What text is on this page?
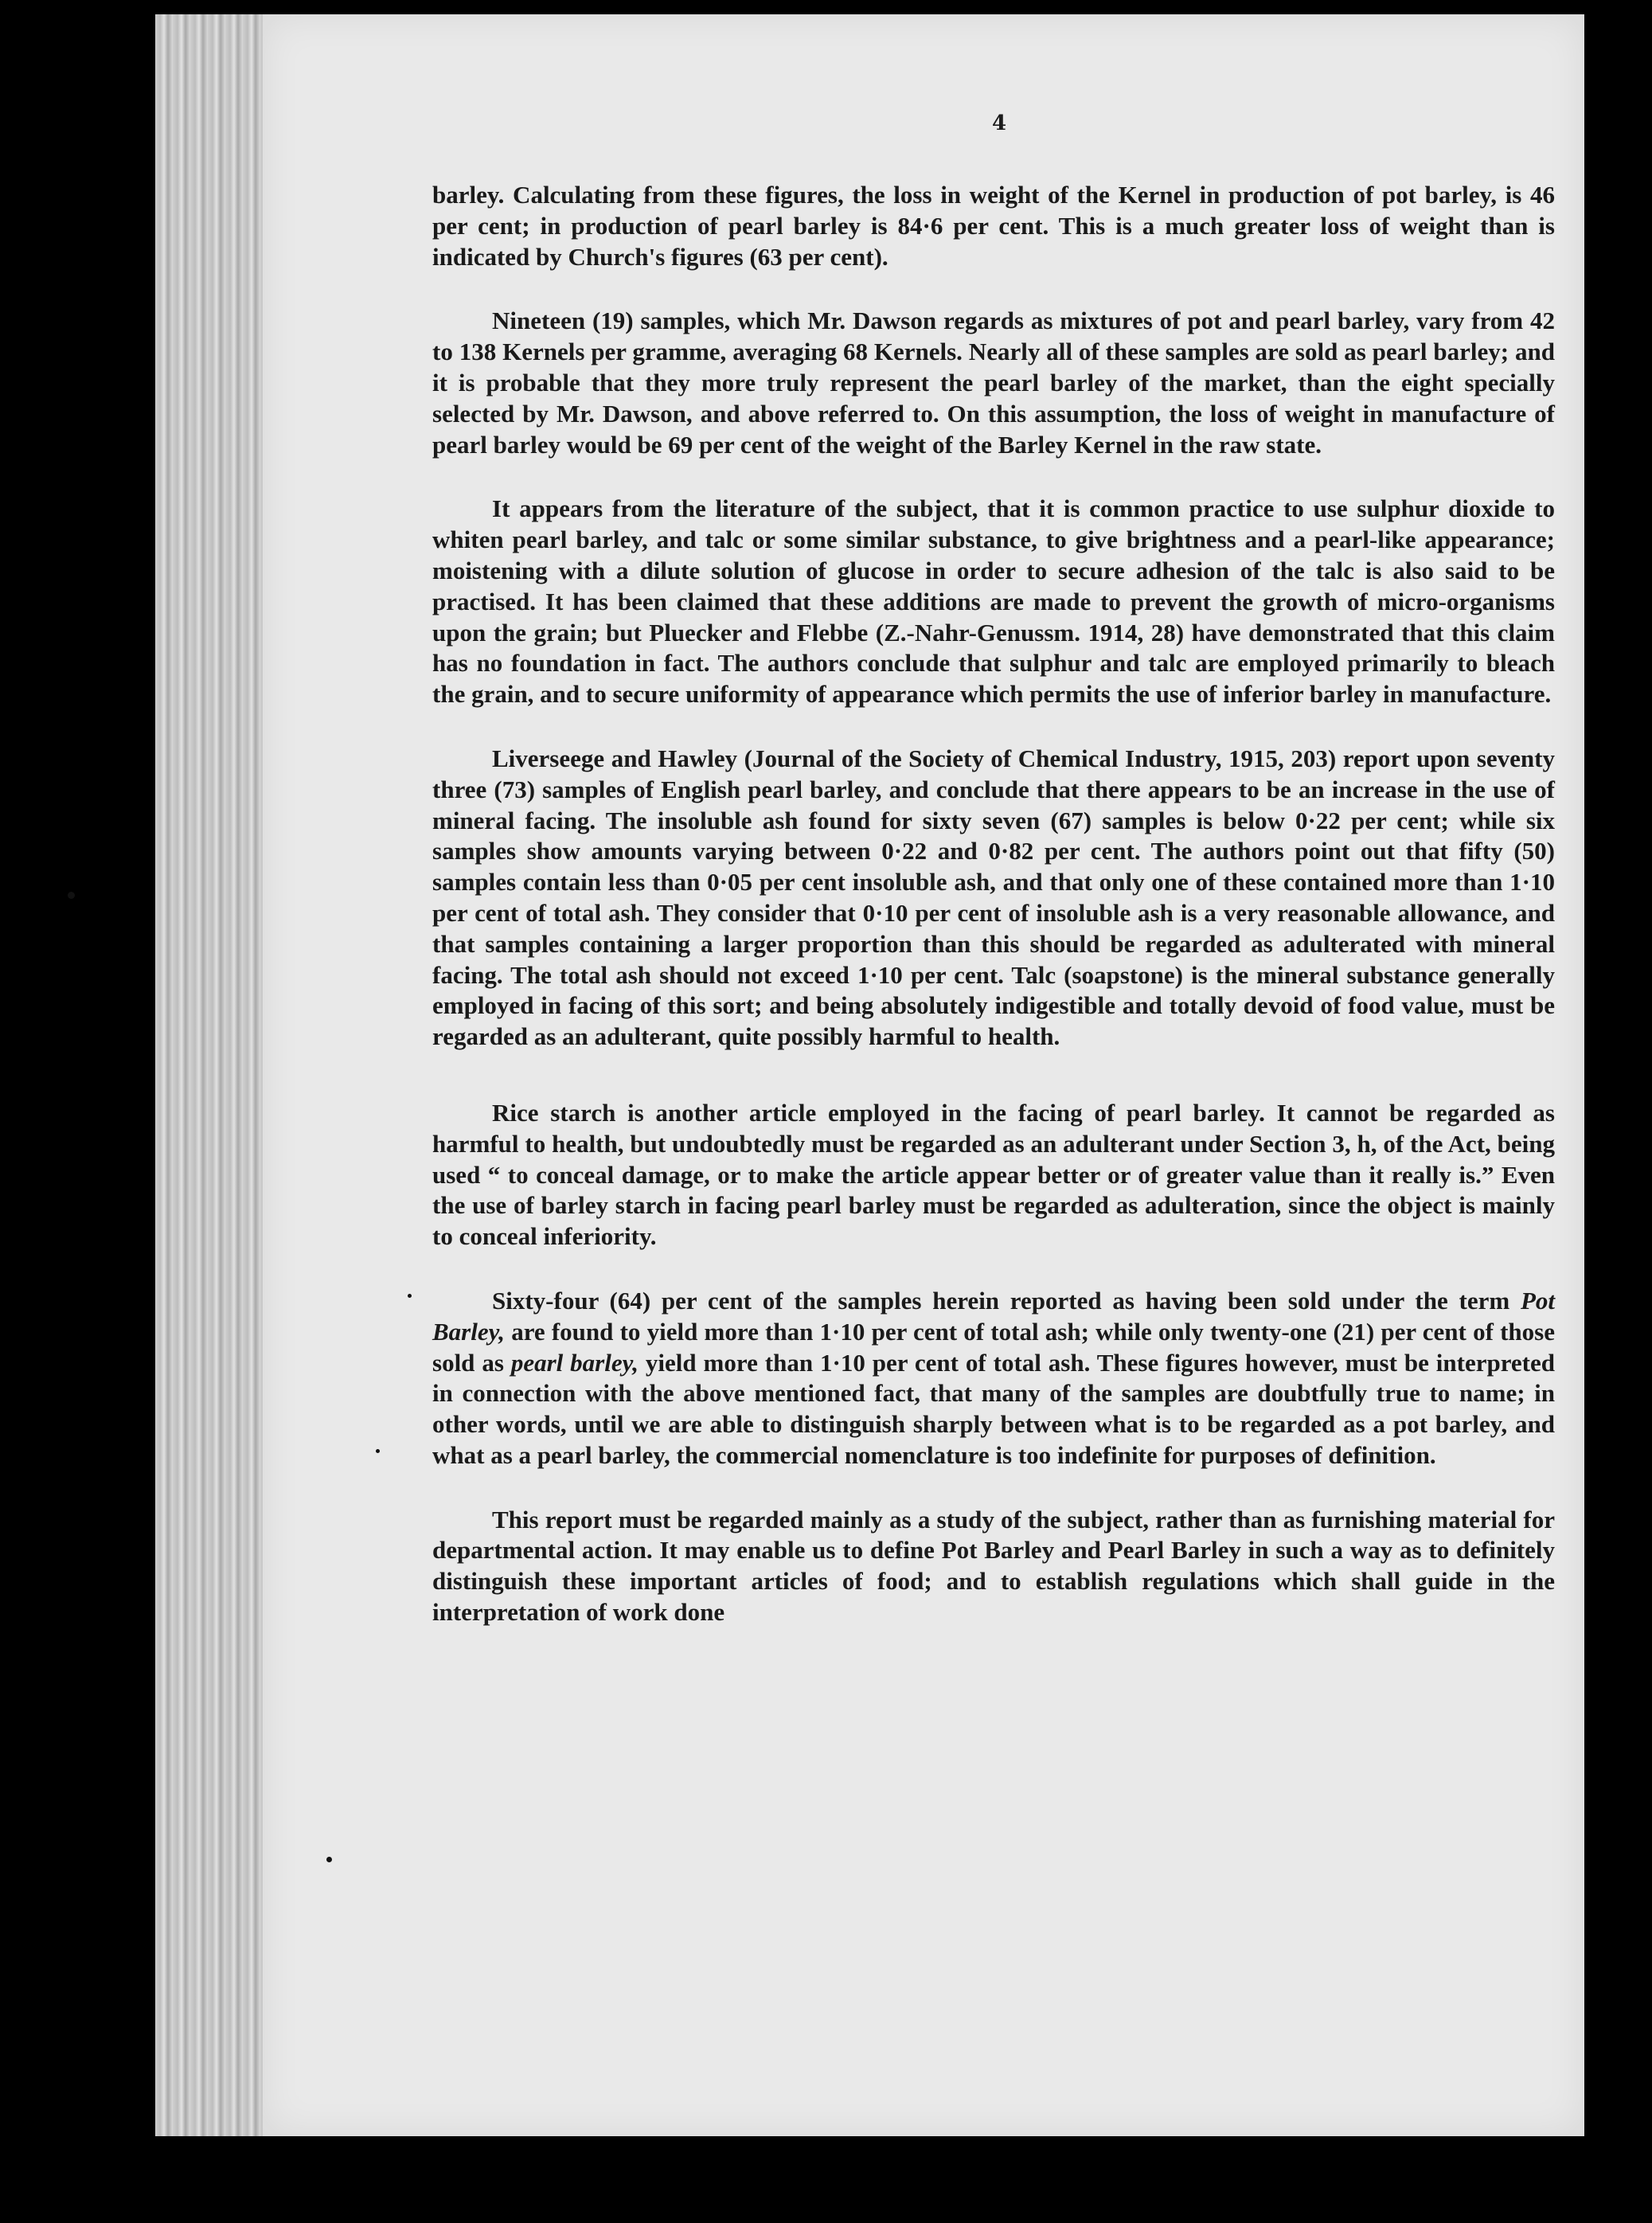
4

barley. Calculating from these figures, the loss in weight of the Kernel in production of pot barley, is 46 per cent; in production of pearl barley is 84·6 per cent. This is a much greater loss of weight than is indicated by Church's figures (63 per cent).

Nineteen (19) samples, which Mr. Dawson regards as mixtures of pot and pearl barley, vary from 42 to 138 Kernels per gramme, averaging 68 Kernels. Nearly all of these samples are sold as pearl barley; and it is probable that they more truly represent the pearl barley of the market, than the eight specially selected by Mr. Dawson, and above referred to. On this assumption, the loss of weight in manufacture of pearl barley would be 69 per cent of the weight of the Barley Kernel in the raw state.

It appears from the literature of the subject, that it is common practice to use sulphur dioxide to whiten pearl barley, and talc or some similar substance, to give brightness and a pearl-like appearance; moistening with a dilute solution of glucose in order to secure adhesion of the talc is also said to be practised. It has been claimed that these additions are made to prevent the growth of micro-organisms upon the grain; but Pluecker and Flebbe (Z.-Nahr-Genussm. 1914, 28) have demonstrated that this claim has no foundation in fact. The authors conclude that sulphur and talc are employed primarily to bleach the grain, and to secure uniformity of appearance which permits the use of inferior barley in manufacture.

Liverseege and Hawley (Journal of the Society of Chemical Industry, 1915, 203) report upon seventy three (73) samples of English pearl barley, and conclude that there appears to be an increase in the use of mineral facing. The insoluble ash found for sixty seven (67) samples is below 0·22 per cent; while six samples show amounts varying between 0·22 and 0·82 per cent. The authors point out that fifty (50) samples contain less than 0·05 per cent insoluble ash, and that only one of these contained more than 1·10 per cent of total ash. They consider that 0·10 per cent of insoluble ash is a very reasonable allowance, and that samples containing a larger proportion than this should be regarded as adulterated with mineral facing. The total ash should not exceed 1·10 per cent. Talc (soapstone) is the mineral substance generally employed in facing of this sort; and being absolutely indigestible and totally devoid of food value, must be regarded as an adulterant, quite possibly harmful to health.

Rice starch is another article employed in the facing of pearl barley. It cannot be regarded as harmful to health, but undoubtedly must be regarded as an adulterant under Section 3, h, of the Act, being used “ to conceal damage, or to make the article appear better or of greater value than it really is.” Even the use of barley starch in facing pearl barley must be regarded as adulteration, since the object is mainly to conceal inferiority.

Sixty-four (64) per cent of the samples herein reported as having been sold under the term Pot Barley, are found to yield more than 1·10 per cent of total ash; while only twenty-one (21) per cent of those sold as pearl barley, yield more than 1·10 per cent of total ash. These figures however, must be interpreted in connection with the above mentioned fact, that many of the samples are doubtfully true to name; in other words, until we are able to distinguish sharply between what is to be regarded as a pot barley, and what as a pearl barley, the commercial nomenclature is too indefinite for purposes of definition.

This report must be regarded mainly as a study of the subject, rather than as furnishing material for departmental action. It may enable us to define Pot Barley and Pearl Barley in such a way as to definitely distinguish these important articles of food; and to establish regulations which shall guide in the interpretation of work done
